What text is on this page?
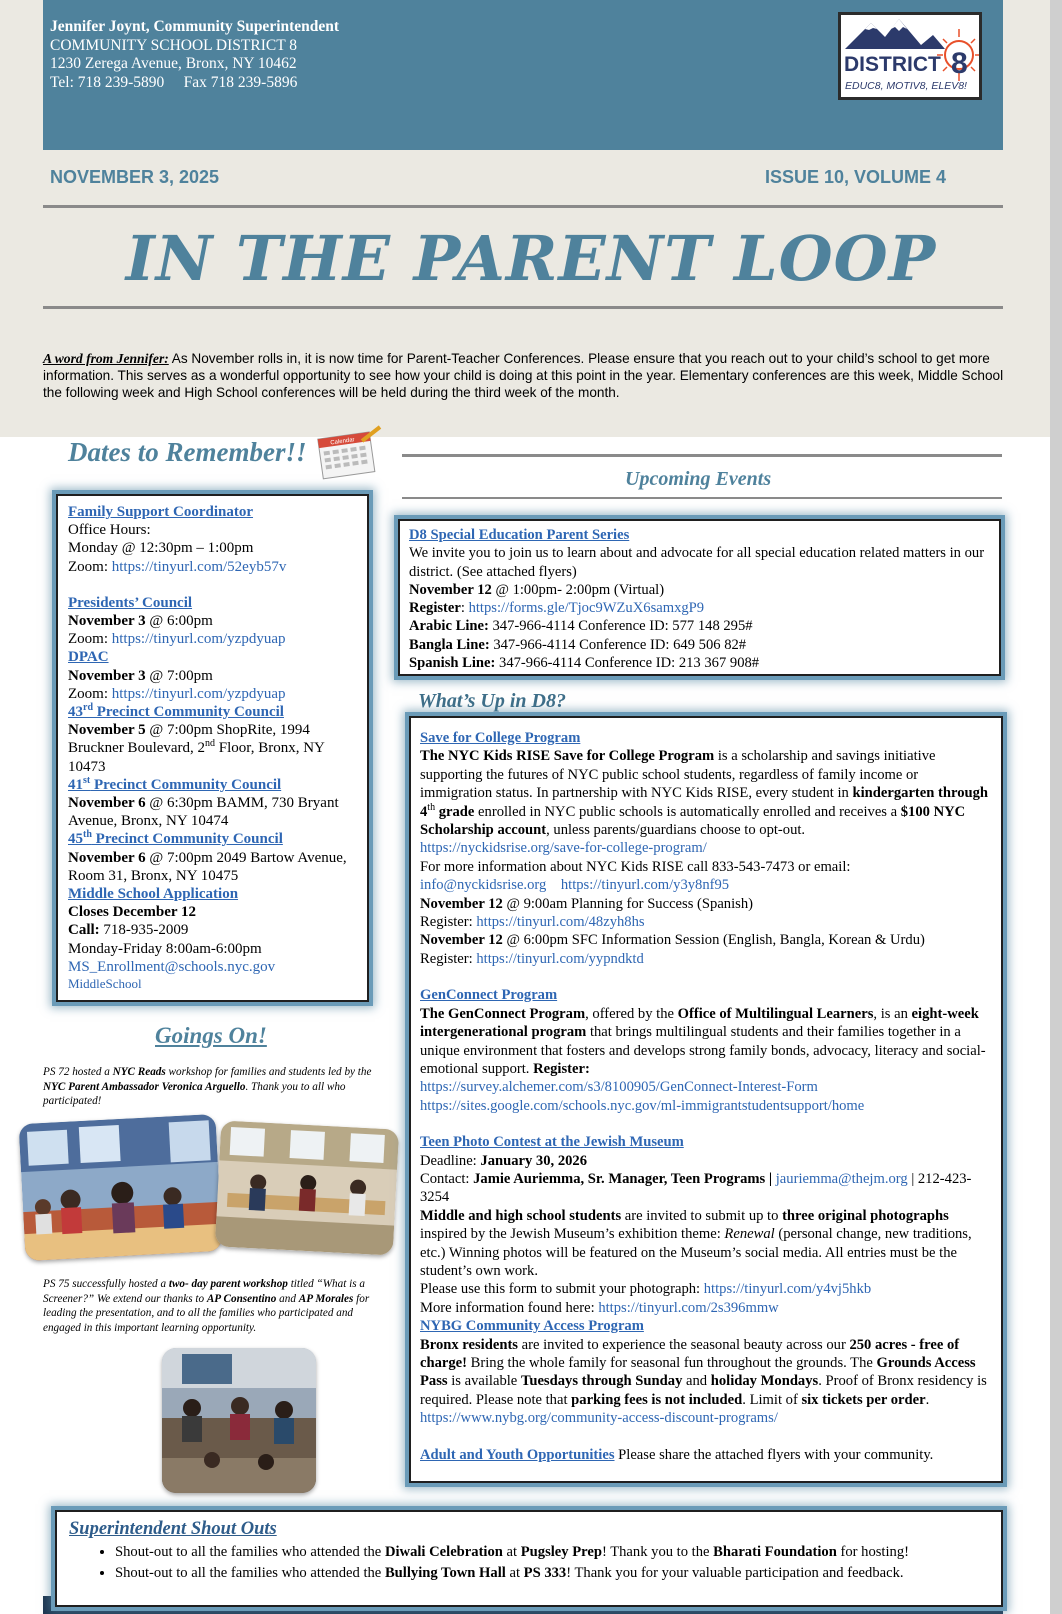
Jennifer Joynt, Community Superintendent
COMMUNITY SCHOOL DISTRICT 8
1230 Zerega Avenue, Bronx, NY 10462
Tel: 718 239-5890     Fax 718 239-5896
DISTRICT 8
EDUC8, MOTIV8, ELEV8!
NOVEMBER 3, 2025	ISSUE 10, VOLUME 4
IN THE PARENT LOOP
A word from Jennifer: As November rolls in, it is now time for Parent-Teacher Conferences. Please ensure that you reach out to your child’s school to get more information. This serves as a wonderful opportunity to see how your child is doing at this point in the year. Elementary conferences are this week, Middle School the following week and High School conferences will be held during the third week of the month.
Dates to Remember!!	Calendar
Family Support Coordinator
Office Hours:
Monday @ 12:30pm – 1:00pm
Zoom: https://tinyurl.com/52eyb57v
Presidents’ Council
November 3 @ 6:00pm
Zoom: https://tinyurl.com/yzpdyuap
DPAC
November 3 @ 7:00pm
Zoom: https://tinyurl.com/yzpdyuap
43rd Precinct Community Council
November 5 @ 7:00pm ShopRite, 1994 Bruckner Boulevard, 2nd Floor, Bronx, NY 10473
41st Precinct Community Council
November 6 @ 6:30pm BAMM, 730 Bryant Avenue, Bronx, NY 10474
45th Precinct Community Council
November 6 @ 7:00pm 2049 Bartow Avenue, Room 31, Bronx, NY 10475
Middle School Application
Closes December 12
Call: 718-935-2009
Monday-Friday 8:00am-6:00pm
MS_Enrollment@schools.nyc.gov
MiddleSchool
Goings On!
PS 72 hosted a NYC Reads workshop for families and students led by the NYC Parent Ambassador Veronica Arguello. Thank you to all who participated!
PS 75 successfully hosted a two- day parent workshop titled “What is a Screener?” We extend our thanks to AP Consentino and AP Morales for leading the presentation, and to all the families who participated and engaged in this important learning opportunity.
Upcoming Events
D8 Special Education Parent Series
We invite you to join us to learn about and advocate for all special education related matters in our district. (See attached flyers)
November 12 @ 1:00pm- 2:00pm (Virtual)
Register: https://forms.gle/Tjoc9WZuX6samxgP9
Arabic Line: 347-966-4114 Conference ID: 577 148 295#
Bangla Line: 347-966-4114 Conference ID: 649 506 82#
Spanish Line: 347-966-4114 Conference ID: 213 367 908#
What’s Up in D8?

Save for College Program

The NYC Kids RISE Save for College Program is a scholarship and savings initiative supporting the futures of NYC public school students, regardless of family income or immigration status. In partnership with NYC Kids RISE, every student in kindergarten through 4th grade enrolled in NYC public schools is automatically enrolled and receives a $100 NYC Scholarship account, unless parents/guardians choose to opt-out.

https://nyckidsrise.org/save-for-college-program/

For more information about NYC Kids RISE call 833-543-7473 or email:

info@nyckidsrise.org https://tinyurl.com/y3y8nf95

November 12 @ 9:00am Planning for Success (Spanish)

Register: https://tinyurl.com/48zyh8hs

November 12 @ 6:00pm SFC Information Session (English, Bangla, Korean & Urdu)

Register: https://tinyurl.com/yypndktd

GenConnect Program

The GenConnect Program, offered by the Office of Multilingual Learners, is an eight-week intergenerational program that brings multilingual students and their families together in a unique environment that fosters and develops strong family bonds, advocacy, literacy and social-emotional support. Register:

https://survey.alchemer.com/s3/8100905/GenConnect-Interest-Form

https://sites.google.com/schools.nyc.gov/ml-immigrantstudentsupport/home

Teen Photo Contest at the Jewish Museum

Deadline: January 30, 2026

Contact: Jamie Auriemma, Sr. Manager, Teen Programs | jauriemma@thejm.org | 212-423-3254

Middle and high school students are invited to submit up to three original photographs inspired by the Jewish Museum’s exhibition theme: Renewal (personal change, new traditions, etc.) Winning photos will be featured on the Museum’s social media. All entries must be the student’s own work.

Please use this form to submit your photograph: https://tinyurl.com/y4vj5hkb

More information found here: https://tinyurl.com/2s396mmw

NYBG Community Access Program

Bronx residents are invited to experience the seasonal beauty across our 250 acres - free of charge! Bring the whole family for seasonal fun throughout the grounds. The Grounds Access Pass is available Tuesdays through Sunday and holiday Mondays. Proof of Bronx residency is required. Please note that parking fees is not included. Limit of six tickets per order.

https://www.nybg.org/community-access-discount-programs/

Adult and Youth Opportunities Please share the attached flyers with your community.

Superintendent Shout Outs
• Shout-out to all the families who attended the Diwali Celebration at Pugsley Prep! Thank you to the Bharati Foundation for hosting!
• Shout-out to all the families who attended the Bullying Town Hall at PS 333! Thank you for your valuable participation and feedback.
